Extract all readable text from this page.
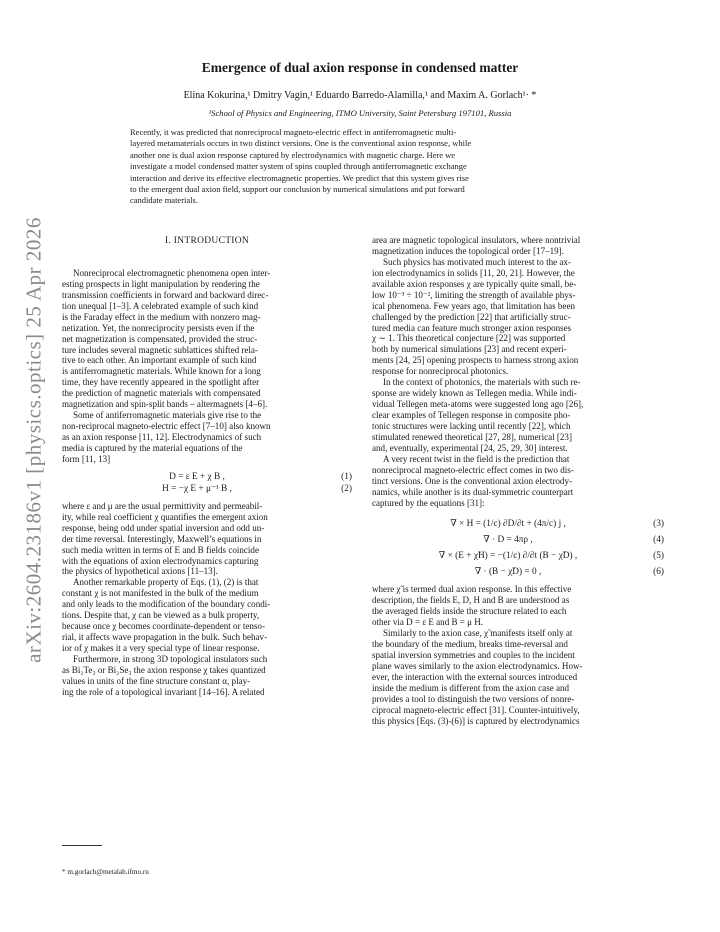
arXiv:2604.23186v1 [physics.optics] 25 Apr 2026
Emergence of dual axion response in condensed matter
Elina Kokurina,¹ Dmitry Vagin,¹ Eduardo Barredo-Alamilla,¹ and Maxim A. Gorlach¹· *
¹School of Physics and Engineering, ITMO University, Saint Petersburg 197101, Russia
Recently, it was predicted that nonreciprocal magneto-electric effect in antiferromagnetic multi-
layered metamaterials occurs in two distinct versions. One is the conventional axion response, while
another one is dual axion response captured by electrodynamics with magnetic charge. Here we
investigate a model condensed matter system of spins coupled through antiferromagnetic exchange
interaction and derive its effective electromagnetic properties. We predict that this system gives rise
to the emergent dual axion field, support our conclusion by numerical simulations and put forward
candidate materials.
I. INTRODUCTION
Nonreciprocal electromagnetic phenomena open inter-
esting prospects in light manipulation by rendering the
transmission coefficients in forward and backward direc-
tion unequal [1–3]. A celebrated example of such kind
is the Faraday effect in the medium with nonzero mag-
netization. Yet, the nonreciprocity persists even if the
net magnetization is compensated, provided the struc-
ture includes several magnetic sublattices shifted rela-
tive to each other. An important example of such kind
is antiferromagnetic materials. While known for a long
time, they have recently appeared in the spotlight after
the prediction of magnetic materials with compensated
magnetization and spin-split bands – altermagnets [4–6].
Some of antiferromagnetic materials give rise to the
non-reciprocal magneto-electric effect [7–10] also known
as an axion response [11, 12]. Electrodynamics of such
media is captured by the material equations of the
form [11, 13]
D = ε E + χ B ,	(1)
H = −χ E + μ⁻¹ B ,	(2)
where ε and μ are the usual permittivity and permeabil-
ity, while real coefficient χ quantifies the emergent axion
response, being odd under spatial inversion and odd un-
der time reversal. Interestingly, Maxwell’s equations in
such media written in terms of E and B fields coincide
with the equations of axion electrodynamics capturing
the physics of hypothetical axions [11–13].
Another remarkable property of Eqs. (1), (2) is that
constant χ is not manifested in the bulk of the medium
and only leads to the modification of the boundary condi-
tions. Despite that, χ can be viewed as a bulk property,
because once χ becomes coordinate-dependent or tenso-
rial, it affects wave propagation in the bulk. Such behav-
ior of χ makes it a very special type of linear response.
Furthermore, in strong 3D topological insulators such
as Bi₂Te₃ or Bi₂Se₃ the axion response χ takes quantized
values in units of the fine structure constant α, play-
ing the role of a topological invariant [14–16]. A related
area are magnetic topological insulators, where nontrivial
magnetization induces the topological order [17–19].
Such physics has motivated much interest to the ax-
ion electrodynamics in solids [11, 20, 21]. However, the
available axion responses χ are typically quite small, be-
low 10⁻³ ÷ 10⁻², limiting the strength of available phys-
ical phenomena. Few years ago, that limitation has been
challenged by the prediction [22] that artificially struc-
tured media can feature much stronger axion responses
χ ∼ 1. This theoretical conjecture [22] was supported
both by numerical simulations [23] and recent experi-
ments [24, 25] opening prospects to harness strong axion
response for nonreciprocal photonics.
In the context of photonics, the materials with such re-
sponse are widely known as Tellegen media. While indi-
vidual Tellegen meta-atoms were suggested long ago [26],
clear examples of Tellegen response in composite pho-
tonic structures were lacking until recently [22], which
stimulated renewed theoretical [27, 28], numerical [23]
and, eventually, experimental [24, 25, 29, 30] interest.
A very recent twist in the field is the prediction that
nonreciprocal magneto-electric effect comes in two dis-
tinct versions. One is the conventional axion electrody-
namics, while another is its dual-symmetric counterpart
captured by the equations [31]:
∇ × H = (1/c) ∂D/∂t + (4π/c) j ,	(3)
∇ · D = 4πρ ,	(4)
∇ × (E + χ̃H) = −(1/c) ∂/∂t (B − χ̃D) ,	(5)
∇ · (B − χ̃D) = 0 ,	(6)
where χ̃ is termed dual axion response. In this effective
description, the fields E, D, H and B are understood as
the averaged fields inside the structure related to each
other via D = ε E and B = μ H.
Similarly to the axion case, χ̃ manifests itself only at
the boundary of the medium, breaks time-reversal and
spatial inversion symmetries and couples to the incident
plane waves similarly to the axion electrodynamics. How-
ever, the interaction with the external sources introduced
inside the medium is different from the axion case and
provides a tool to distinguish the two versions of nonre-
ciprocal magneto-electric effect [31]. Counter-intuitively,
this physics [Eqs. (3)-(6)] is captured by electrodynamics
* m.gorlach@metalab.ifmo.ru
